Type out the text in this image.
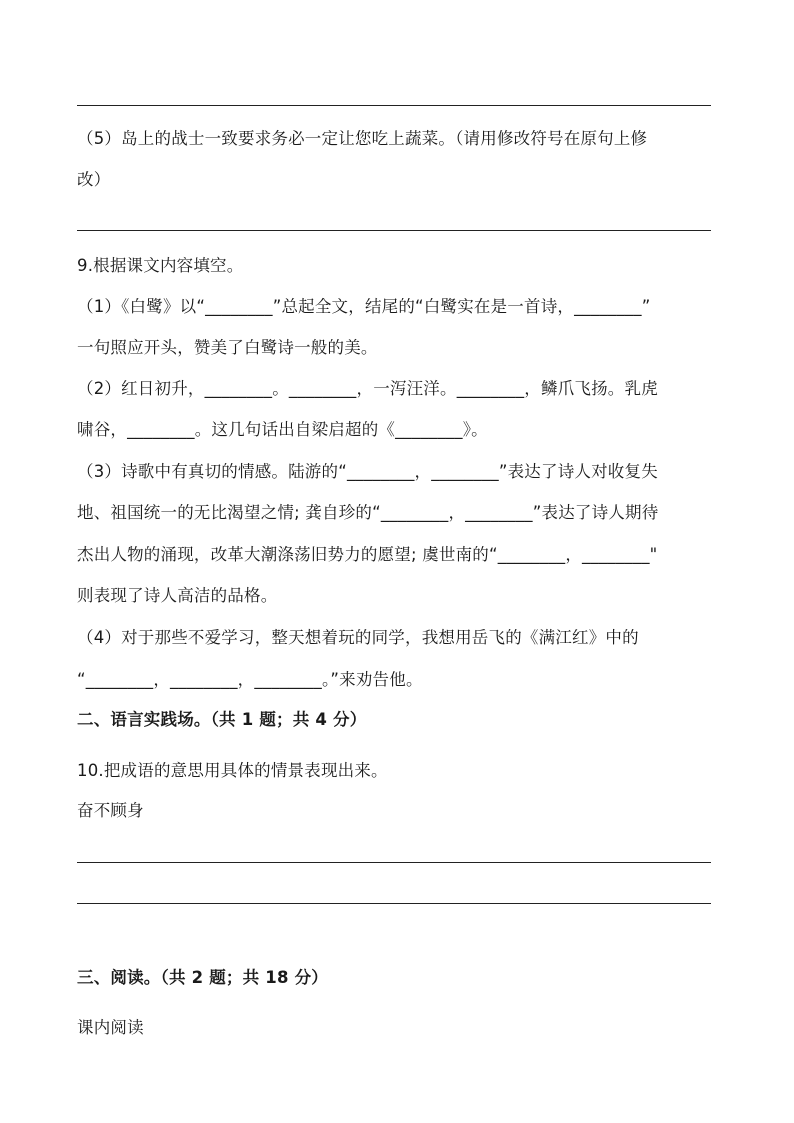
（5）岛上的战士一致要求务必一定让您吃上蔬菜。（请用修改符号在原句上修
改）
9.根据课文内容填空。
（1）《白鹭》以“________”总起全文，结尾的“白鹭实在是一首诗，________”
一句照应开头，赞美了白鹭诗一般的美。
（2）红日初升，________。________，一泻汪洋。________，鳞爪飞扬。乳虎
啸谷，________。这几句话出自梁启超的《________》。
（3）诗歌中有真切的情感。陆游的“________，________”表达了诗人对收复失
地、祖国统一的无比渴望之情; 龚自珍的“________，________”表达了诗人期待
杰出人物的涌现，改革大潮涤荡旧势力的愿望; 虞世南的“________，________"
则表现了诗人高洁的品格。
（4）对于那些不爱学习，整天想着玩的同学，我想用岳飞的《满江红》中的
“________，________，________。”来劝告他。
二、语言实践场。（共 1 题；共 4 分）
10.把成语的意思用具体的情景表现出来。
奋不顾身
三、阅读。（共 2 题；共 18 分）
课内阅读
